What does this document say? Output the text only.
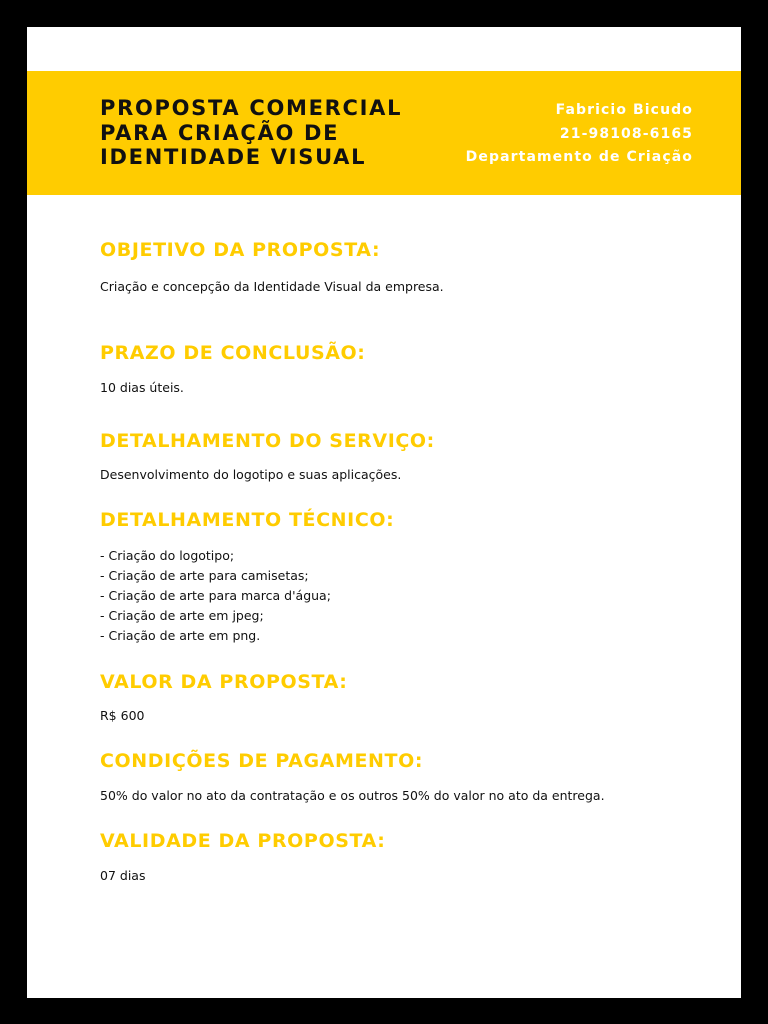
PROPOSTA COMERCIAL
PARA CRIAÇÃO DE
IDENTIDADE VISUAL
Fabricio Bicudo
21-98108-6165
Departamento de Criação
OBJETIVO DA PROPOSTA:

Criação e concepção da Identidade Visual da empresa.

PRAZO DE CONCLUSÃO:

10 dias úteis.

DETALHAMENTO DO SERVIÇO:

Desenvolvimento do logotipo e suas aplicações.

DETALHAMENTO TÉCNICO:
- Criação do logotipo;
- Criação de arte para camisetas;
- Criação de arte para marca d'água;
- Criação de arte em jpeg;
- Criação de arte em png.
VALOR DA PROPOSTA:

R$ 600

CONDIÇÕES DE PAGAMENTO:

50% do valor no ato da contratação e os outros 50% do valor no ato da entrega.

VALIDADE DA PROPOSTA:

07 dias
